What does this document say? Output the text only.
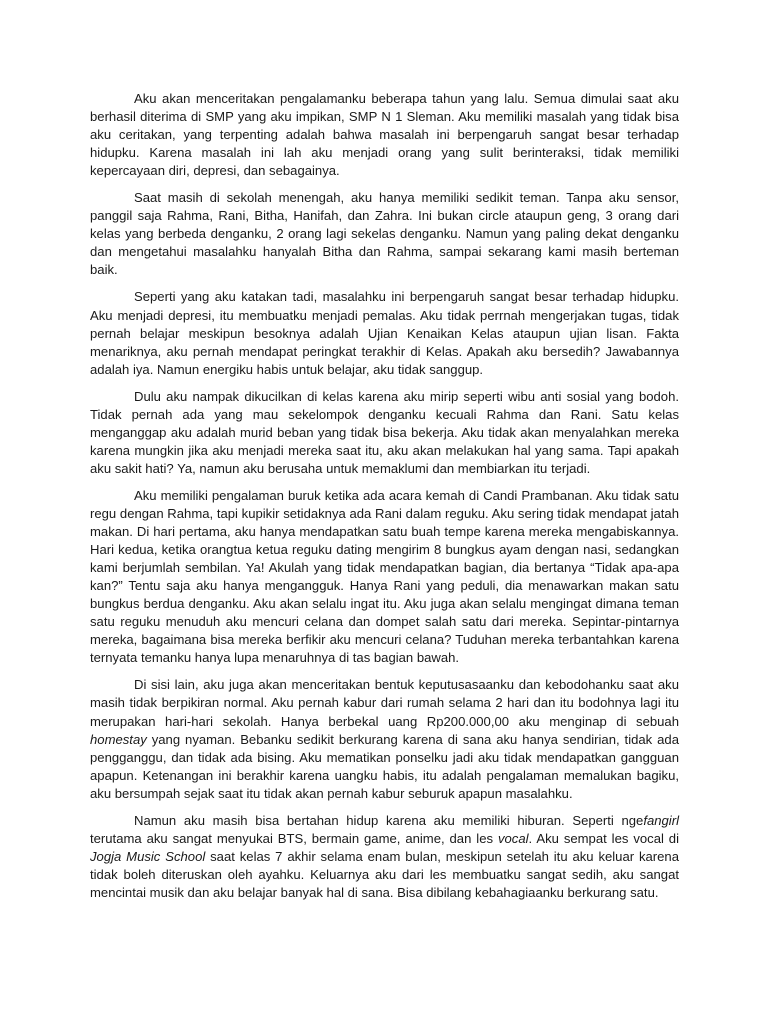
Aku akan menceritakan pengalamanku beberapa tahun yang lalu. Semua dimulai saat aku berhasil diterima di SMP yang aku impikan, SMP N 1 Sleman. Aku memiliki masalah yang tidak bisa aku ceritakan, yang terpenting adalah bahwa masalah ini berpengaruh sangat besar terhadap hidupku. Karena masalah ini lah aku menjadi orang yang sulit berinteraksi, tidak memiliki kepercayaan diri, depresi, dan sebagainya.

Saat masih di sekolah menengah, aku hanya memiliki sedikit teman. Tanpa aku sensor, panggil saja Rahma, Rani, Bitha, Hanifah, dan Zahra. Ini bukan circle ataupun geng, 3 orang dari kelas yang berbeda denganku, 2 orang lagi sekelas denganku. Namun yang paling dekat denganku dan mengetahui masalahku hanyalah Bitha dan Rahma, sampai sekarang kami masih berteman baik.

Seperti yang aku katakan tadi, masalahku ini berpengaruh sangat besar terhadap hidupku. Aku menjadi depresi, itu membuatku menjadi pemalas. Aku tidak perrnah mengerjakan tugas, tidak pernah belajar meskipun besoknya adalah Ujian Kenaikan Kelas ataupun ujian lisan. Fakta menariknya, aku pernah mendapat peringkat terakhir di Kelas. Apakah aku bersedih? Jawabannya adalah iya. Namun energiku habis untuk belajar, aku tidak sanggup.

Dulu aku nampak dikucilkan di kelas karena aku mirip seperti wibu anti sosial yang bodoh. Tidak pernah ada yang mau sekelompok denganku kecuali Rahma dan Rani. Satu kelas menganggap aku adalah murid beban yang tidak bisa bekerja. Aku tidak akan menyalahkan mereka karena mungkin jika aku menjadi mereka saat itu, aku akan melakukan hal yang sama. Tapi apakah aku sakit hati? Ya, namun aku berusaha untuk memaklumi dan membiarkan itu terjadi.

Aku memiliki pengalaman buruk ketika ada acara kemah di Candi Prambanan. Aku tidak satu regu dengan Rahma, tapi kupikir setidaknya ada Rani dalam reguku. Aku sering tidak mendapat jatah makan. Di hari pertama, aku hanya mendapatkan satu buah tempe karena mereka mengabiskannya. Hari kedua, ketika orangtua ketua reguku dating mengirim 8 bungkus ayam dengan nasi, sedangkan kami berjumlah sembilan. Ya! Akulah yang tidak mendapatkan bagian, dia bertanya “Tidak apa-apa kan?” Tentu saja aku hanya mengangguk. Hanya Rani yang peduli, dia menawarkan makan satu bungkus berdua denganku. Aku akan selalu ingat itu. Aku juga akan selalu mengingat dimana teman satu reguku menuduh aku mencuri celana dan dompet salah satu dari mereka. Sepintar-pintarnya mereka, bagaimana bisa mereka berfikir aku mencuri celana? Tuduhan mereka terbantahkan karena ternyata temanku hanya lupa menaruhnya di tas bagian bawah.

Di sisi lain, aku juga akan menceritakan bentuk keputusasaanku dan kebodohanku saat aku masih tidak berpikiran normal. Aku pernah kabur dari rumah selama 2 hari dan itu bodohnya lagi itu merupakan hari-hari sekolah. Hanya berbekal uang Rp200.000,00 aku menginap di sebuah homestay yang nyaman. Bebanku sedikit berkurang karena di sana aku hanya sendirian, tidak ada pengganggu, dan tidak ada bising. Aku mematikan ponselku jadi aku tidak mendapatkan gangguan apapun. Ketenangan ini berakhir karena uangku habis, itu adalah pengalaman memalukan bagiku, aku bersumpah sejak saat itu tidak akan pernah kabur seburuk apapun masalahku.

Namun aku masih bisa bertahan hidup karena aku memiliki hiburan. Seperti ngefangirl terutama aku sangat menyukai BTS, bermain game, anime, dan les vocal. Aku sempat les vocal di Jogja Music School saat kelas 7 akhir selama enam bulan, meskipun setelah itu aku keluar karena tidak boleh diteruskan oleh ayahku. Keluarnya aku dari les membuatku sangat sedih, aku sangat mencintai musik dan aku belajar banyak hal di sana. Bisa dibilang kebahagiaanku berkurang satu.
